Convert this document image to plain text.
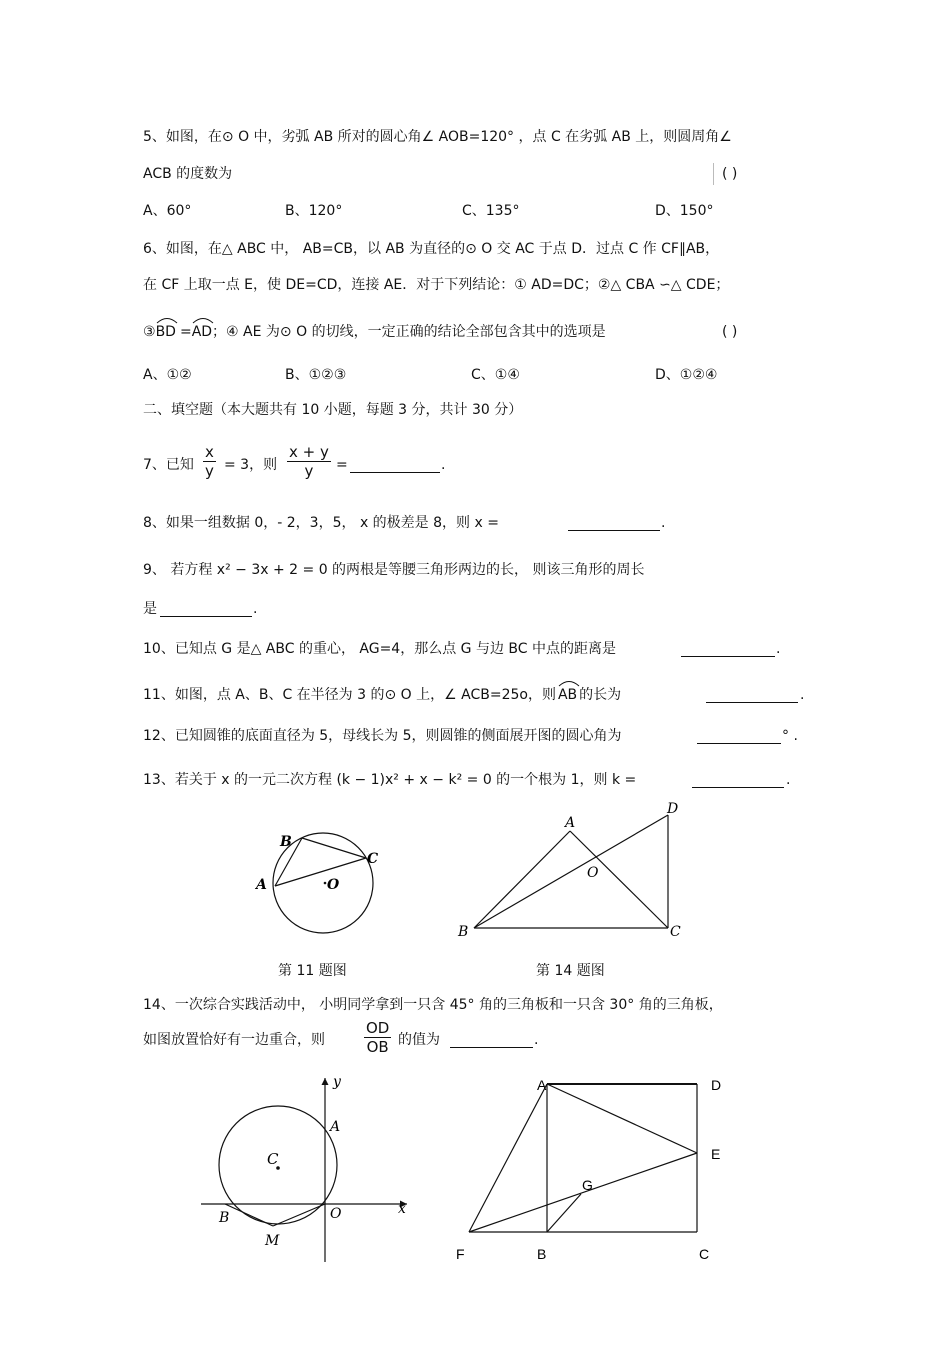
5、如图，在⊙ O 中，劣弧 AB 所对的圆心角∠ AOB=120° ，点 C 在劣弧 AB 上，则圆周角∠
ACB 的度数为	( )
A、60°	B、120°	C、135°	D、150°
6、如图，在△ ABC 中， AB=CB，以 AB 为直径的⊙ O 交 AC 于点 D．过点 C 作 CF∥AB，
在 CF 上取一点 E，使 DE=CD，连接 AE．对于下列结论：① AD=DC；②△ CBA ∽△ CDE；
③
BD =
AD；④ AE 为⊙ O 的切线，一定正确的结论全部包含其中的选项是	( )
A、①②	B、①②③	C、①④	D、①②④
二、填空题（本大题共有 10 小题，每题 3 分，共计 30 分）
7、已知 $\frac{x}{y} = 3$，则 $\frac{x + y}{y}$ =	.
8、如果一组数据 0，- 2，3，5， x 的极差是 8，则 x =	.
9、 若方程 x² − 3x + 2 = 0 的两根是等腰三角形两边的长， 则该三角形的周长
是	.
10、已知点 G 是△ ABC 的重心， AG=4，那么点 G 与边 BC 中点的距离是	.
11、如图，点 A、B、C 在半径为 3 的⊙ O 上，∠ ACB=25o，则 AB 的长为	.
12、已知圆锥的底面直径为 5，母线长为 5，则圆锥的侧面展开图的圆心角为	° .
13、若关于 x 的一元二次方程 (k − 1)x² + x − k² = 0 的一个根为 1，则 k =	.
A
B
C
O
第 11 题图
A
B	C
D
O
第 14 题图
14、一次综合实践活动中， 小明同学拿到一只含 45° 角的三角板和一只含 30° 角的三角板，
如图放置恰好有一边重合，则	$\frac{OD}{OB}$ 的值为	.
y
x
A
C
B	O
M
A	D
E
G
F	B	C
